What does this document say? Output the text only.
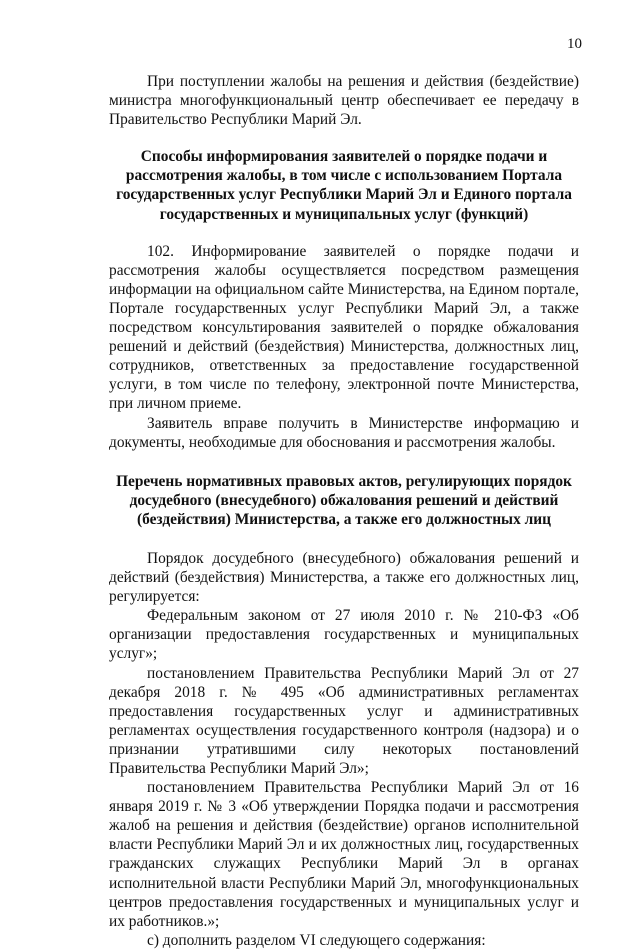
10

При поступлении жалобы на решения и действия (бездействие) министра многофункциональный центр обеспечивает ее передачу в Правительство Республики Марий Эл.

Способы информирования заявителей о порядке подачи и рассмотрения жалобы, в том числе с использованием Портала государственных услуг Республики Марий Эл и Единого портала государственных и муниципальных услуг (функций)

102. Информирование заявителей о порядке подачи и рассмотрения жалобы осуществляется посредством размещения информации на официальном сайте Министерства, на Едином портале, Портале государственных услуг Республики Марий Эл, а также посредством консультирования заявителей о порядке обжалования решений и действий (бездействия) Министерства, должностных лиц, сотрудников, ответственных за предоставление государственной услуги, в том числе по телефону, электронной почте Министерства, при личном приеме.

Заявитель вправе получить в Министерстве информацию и документы, необходимые для обоснования и рассмотрения жалобы.

Перечень нормативных правовых актов, регулирующих порядок досудебного (внесудебного) обжалования решений и действий (бездействия) Министерства, а также его должностных лиц

Порядок досудебного (внесудебного) обжалования решений и действий (бездействия) Министерства, а также его должностных лиц, регулируется:

Федеральным законом от 27 июля 2010 г. № 210-ФЗ «Об организации предоставления государственных и муниципальных услуг»;

постановлением Правительства Республики Марий Эл от 27 декабря 2018 г. № 495 «Об административных регламентах предоставления государственных услуг и административных регламентах осуществления государственного контроля (надзора) и о признании утратившими силу некоторых постановлений Правительства Республики Марий Эл»;

постановлением Правительства Республики Марий Эл от 16 января 2019 г. № 3 «Об утверждении Порядка подачи и рассмотрения жалоб на решения и действия (бездействие) органов исполнительной власти Республики Марий Эл и их должностных лиц, государственных гражданских служащих Республики Марий Эл в органах исполнительной власти Республики Марий Эл, многофункциональных центров предоставления государственных и муниципальных услуг и их работников.»;

с) дополнить разделом VI следующего содержания:
